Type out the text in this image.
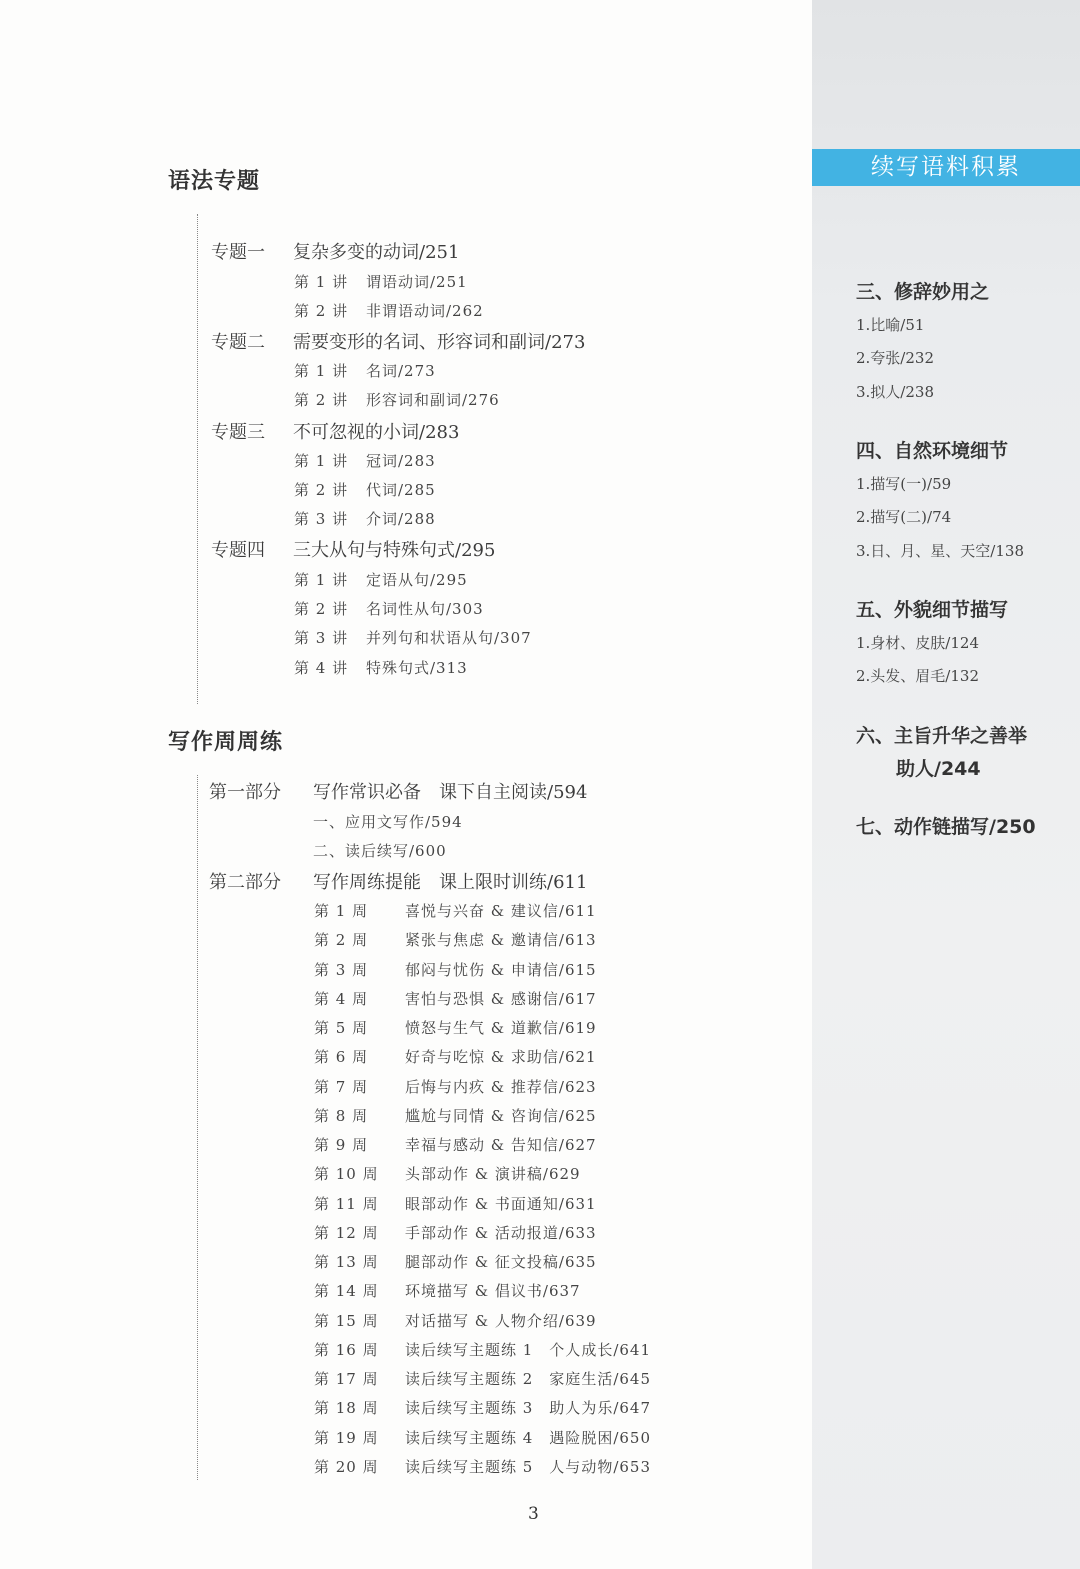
续写语料积累
三、修辞妙用之
1.比喻/51
2.夸张/232
3.拟人/238
四、自然环境细节
1.描写(一)/59
2.描写(二)/74
3.日、月、星、天空/138
五、外貌细节描写
1.身材、皮肤/124
2.头发、眉毛/132
六、主旨升华之善举
助人/244
七、动作链描写/250
语法专题
专题一 复杂多变的动词/251
第 1 讲 谓语动词/251
第 2 讲 非谓语动词/262
专题二 需要变形的名词、形容词和副词/273
第 1 讲 名词/273
第 2 讲 形容词和副词/276
专题三 不可忽视的小词/283
第 1 讲 冠词/283
第 2 讲 代词/285
第 3 讲 介词/288
专题四 三大从句与特殊句式/295
第 1 讲 定语从句/295
第 2 讲 名词性从句/303
第 3 讲 并列句和状语从句/307
第 4 讲 特殊句式/313
写作周周练
第一部分 写作常识必备　课下自主阅读/594
一、应用文写作/594
二、读后续写/600
第二部分 写作周练提能　课上限时训练/611
第 1 周 喜悦与兴奋 & 建议信/611
第 2 周 紧张与焦虑 & 邀请信/613
第 3 周 郁闷与忧伤 & 申请信/615
第 4 周 害怕与恐惧 & 感谢信/617
第 5 周 愤怒与生气 & 道歉信/619
第 6 周 好奇与吃惊 & 求助信/621
第 7 周 后悔与内疚 & 推荐信/623
第 8 周 尴尬与同情 & 咨询信/625
第 9 周 幸福与感动 & 告知信/627
第 10 周 头部动作 & 演讲稿/629
第 11 周 眼部动作 & 书面通知/631
第 12 周 手部动作 & 活动报道/633
第 13 周 腿部动作 & 征文投稿/635
第 14 周 环境描写 & 倡议书/637
第 15 周 对话描写 & 人物介绍/639
第 16 周 读后续写主题练 1　个人成长/641
第 17 周 读后续写主题练 2　家庭生活/645
第 18 周 读后续写主题练 3　助人为乐/647
第 19 周 读后续写主题练 4　遇险脱困/650
第 20 周 读后续写主题练 5　人与动物/653
3
